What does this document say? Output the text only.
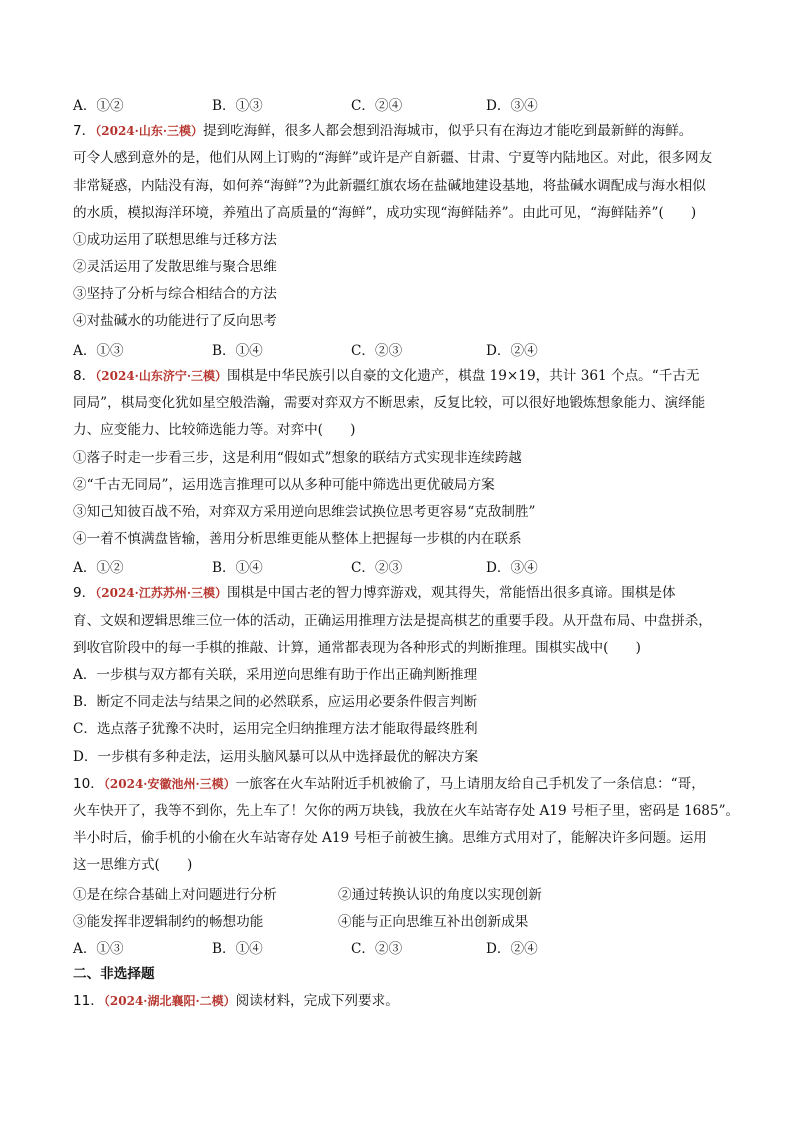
A．①②	B．①③	C．②④	D．③④
7．（2024·山东·三模）提到吃海鲜，很多人都会想到沿海城市，似乎只有在海边才能吃到最新鲜的海鲜。
可令人感到意外的是，他们从网上订购的“海鲜”或许是产自新疆、甘肃、宁夏等内陆地区。对此，很多网友
非常疑惑，内陆没有海，如何养“海鲜”?为此新疆红旗农场在盐碱地建设基地，将盐碱水调配成与海水相似
的水质，模拟海洋环境，养殖出了高质量的“海鲜”，成功实现“海鲜陆养”。由此可见，“海鲜陆养”(　　)
①成功运用了联想思维与迁移方法
②灵活运用了发散思维与聚合思维
③坚持了分析与综合相结合的方法
④对盐碱水的功能进行了反向思考
A．①③	B．①④	C．②③	D．②④
8．（2024·山东济宁·三模）围棋是中华民族引以自豪的文化遗产，棋盘 19×19，共计 361 个点。“千古无
同局”，棋局变化犹如星空般浩瀚，需要对弈双方不断思索，反复比较，可以很好地锻炼想象能力、演绎能
力、应变能力、比较筛选能力等。对弈中(　　)
①落子时走一步看三步，这是利用“假如式”想象的联结方式实现非连续跨越
②“千古无同局”，运用选言推理可以从多种可能中筛选出更优破局方案
③知己知彼百战不殆，对弈双方采用逆向思维尝试换位思考更容易“克敌制胜”
④一着不慎满盘皆输，善用分析思维更能从整体上把握每一步棋的内在联系
A．①②	B．①④	C．②③	D．③④
9．（2024·江苏苏州·三模）围棋是中国古老的智力博弈游戏，观其得失，常能悟出很多真谛。围棋是体
育、文娱和逻辑思维三位一体的活动，正确运用推理方法是提高棋艺的重要手段。从开盘布局、中盘拼杀，
到收官阶段中的每一手棋的推敲、计算，通常都表现为各种形式的判断推理。围棋实战中(　　)
A．一步棋与双方都有关联，采用逆向思维有助于作出正确判断推理
B．断定不同走法与结果之间的必然联系，应运用必要条件假言判断
C．选点落子犹豫不决时，运用完全归纳推理方法才能取得最终胜利
D．一步棋有多种走法，运用头脑风暴可以从中选择最优的解决方案
10．（2024·安徽池州·三模）一旅客在火车站附近手机被偷了，马上请朋友给自己手机发了一条信息：“哥，
火车快开了，我等不到你，先上车了！欠你的两万块钱，我放在火车站寄存处 A19 号柜子里，密码是 1685”。
半小时后，偷手机的小偷在火车站寄存处 A19 号柜子前被生擒。思维方式用对了，能解决许多问题。运用
这一思维方式(　　)
①是在综合基础上对问题进行分析	②通过转换认识的角度以实现创新
③能发挥非逻辑制约的畅想功能	④能与正向思维互补出创新成果
A．①③	B．①④	C．②③	D．②④
二、非选择题
11．（2024·湖北襄阳·二模）阅读材料，完成下列要求。
